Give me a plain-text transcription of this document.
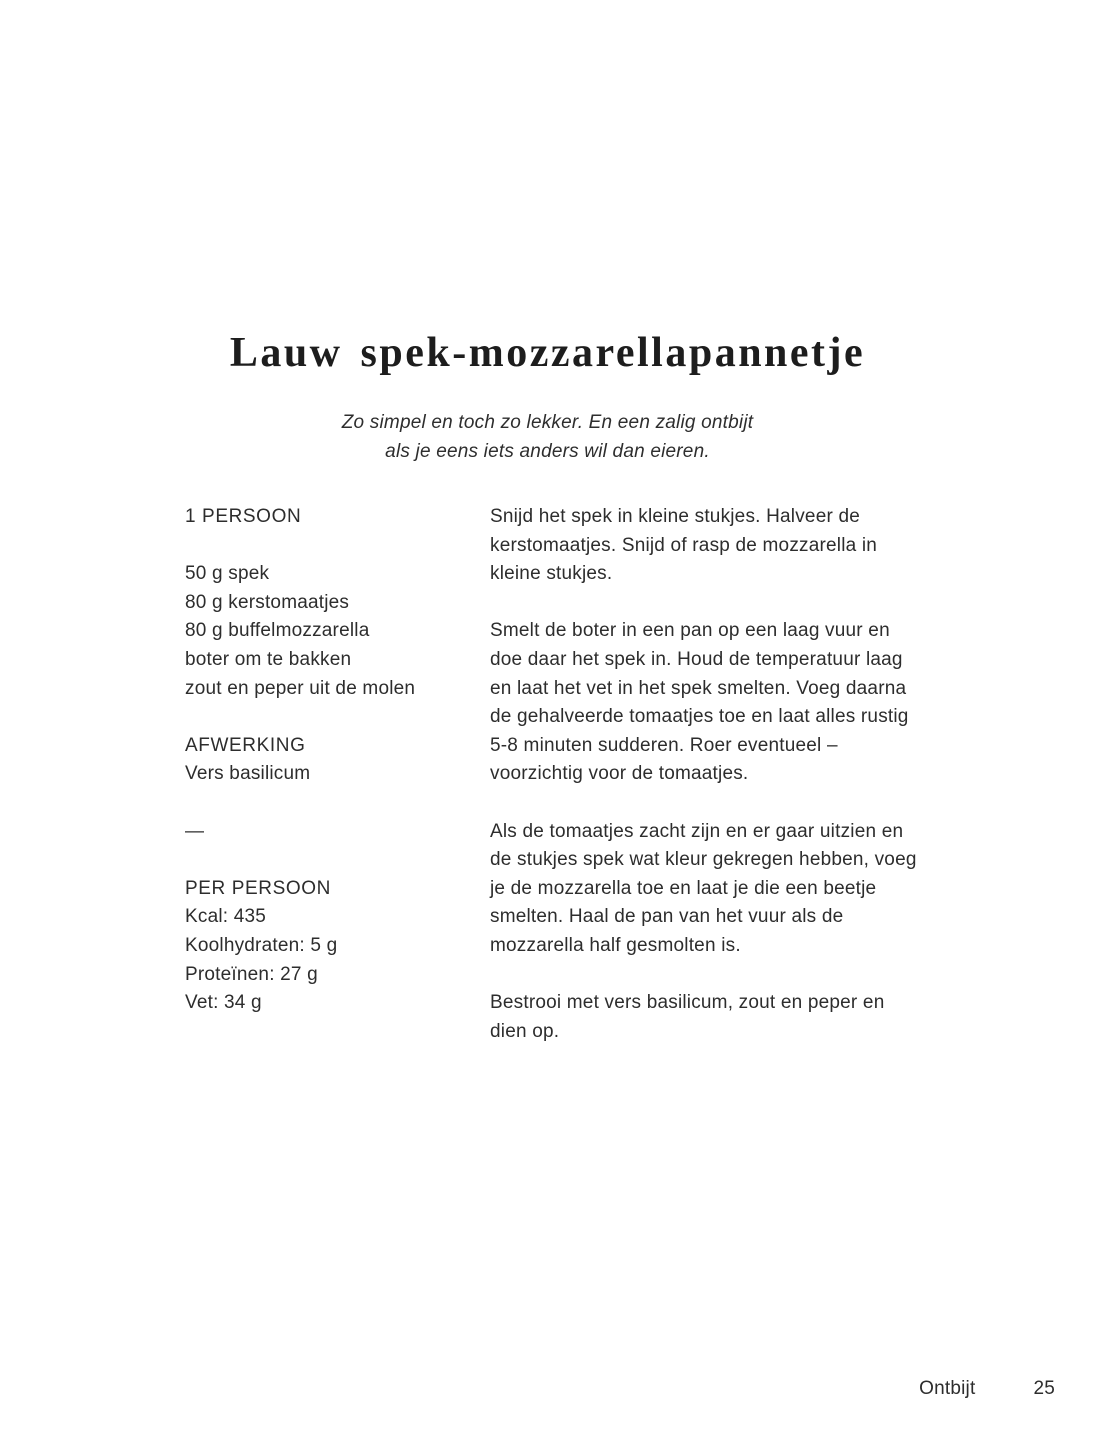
Lauw spek-mozzarellapannetje
Zo simpel en toch zo lekker. En een zalig ontbijt
als je eens iets anders wil dan eieren.
1 PERSOON
50 g spek
80 g kerstomaatjes
80 g buffelmozzarella
boter om te bakken
zout en peper uit de molen
AFWERKING
Vers basilicum
—
PER PERSOON
Kcal: 435
Koolhydraten: 5 g
Proteïnen: 27 g
Vet: 34 g

Snijd het spek in kleine stukjes. Halveer de kerstomaatjes. Snijd of rasp de mozzarella in kleine stukjes.

Smelt de boter in een pan op een laag vuur en doe daar het spek in. Houd de temperatuur laag en laat het vet in het spek smelten. Voeg daarna de gehalveerde tomaatjes toe en laat alles rustig 5-8 minuten sudderen. Roer eventueel – voorzichtig voor de tomaatjes.

Als de tomaatjes zacht zijn en er gaar uitzien en de stukjes spek wat kleur gekregen hebben, voeg je de mozzarella toe en laat je die een beetje smelten. Haal de pan van het vuur als de mozzarella half gesmolten is.

Bestrooi met vers basilicum, zout en peper en dien op.

Ontbijt	25
